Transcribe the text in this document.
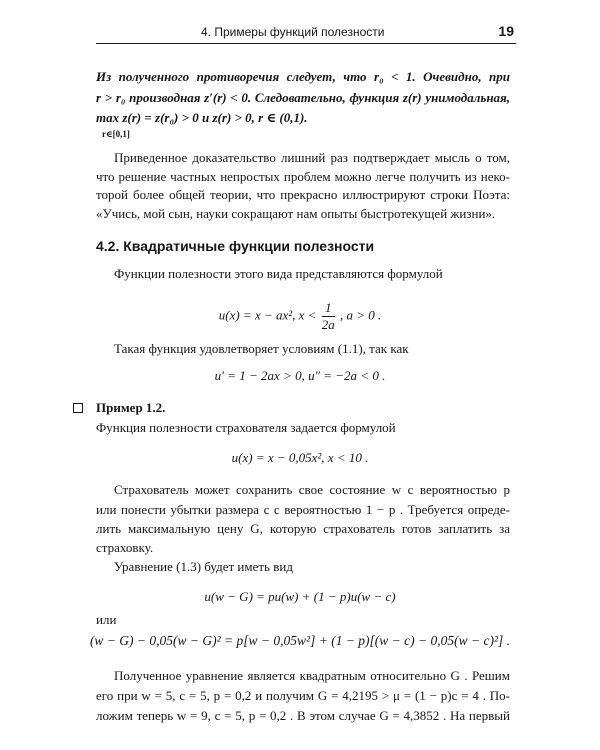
4. Примеры функций полезности	19
Из полученного противоречия следует, что r₀ < 1. Очевидно, при
r > r₀ производная z′(r) < 0. Следовательно, функция z(r) унимодальная,
max z(r) = z(r₀) > 0 и z(r) > 0, r ∈ (0,1).
r∈[0,1]
Приведенное доказательство лишний раз подтверждает мысль о том,
что решение частных непростых проблем можно легче получить из неко-
торой более общей теории, что прекрасно иллюстрируют строки Поэта:
«Учись, мой сын, науки сокращают нам опыты быстротекущей жизни».
4.2. Квадратичные функции полезности
Функции полезности этого вида представляются формулой
u(x) = x − ax², $x < \frac{1}{2a}$ , a > 0 .
Такая функция удовлетворяет условиям (1.1), так как
u′ = 1 − 2ax > 0, u″ = −2a < 0 .
Пример 1.2.
Функция полезности страхователя задается формулой
u(x) = x − 0,05x², x < 10 .
Страхователь может сохранить свое состояние w с вероятностью p
или понести убытки размера c с вероятностью 1 − p . Требуется опреде-
лить максимальную цену G, которую страхователь готов заплатить за
страховку.
Уравнение (1.3) будет иметь вид
u(w − G) = pu(w) + (1 − p)u(w − c)
или
(w − G) − 0,05(w − G)² = p[w − 0,05w²] + (1 − p)[(w − c) − 0,05(w − c)²] .
Полученное уравнение является квадратным относительно G . Решим
его при w = 5, c = 5, p = 0,2 и получим G = 4,2195 > μ = (1 − p)c = 4 . По-
ложим теперь w = 9, c = 5, p = 0,2 . В этом случае G = 4,3852 . На первый
